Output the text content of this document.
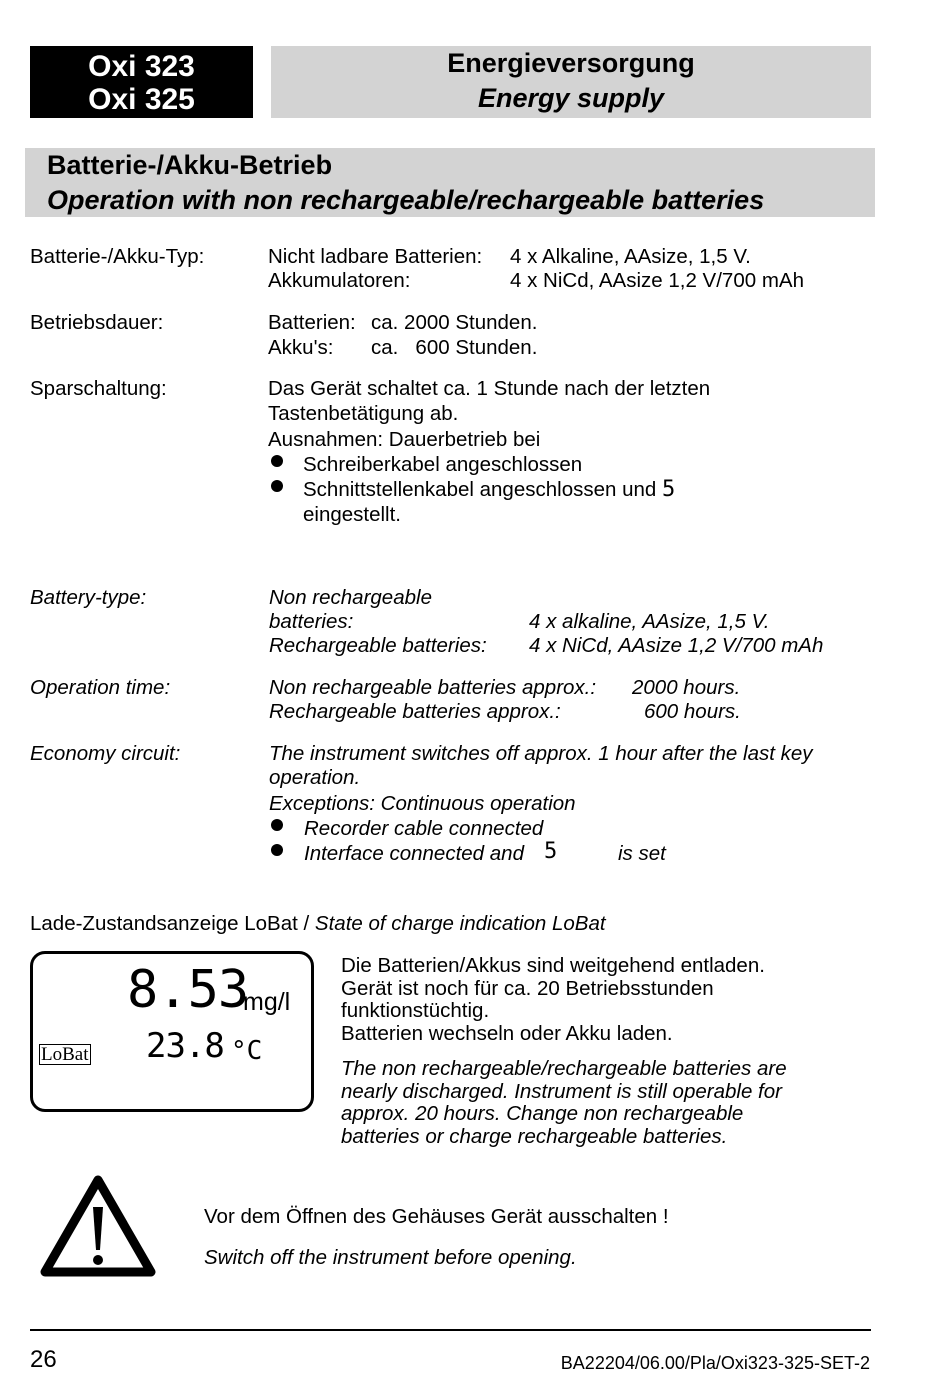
Oxi 323
Oxi 325
Energieversorgung
Energy supply
Batterie-/Akku-Betrieb
Operation with non rechargeable/rechargeable batteries
Batterie-/Akku-Typ:	Nicht ladbare Batterien: 4 x Alkaline, AAsize, 1,5 V.
Akkumulatoren:	4 x NiCd, AAsize 1,2 V/700 mAh
Betriebsdauer:	Batterien: ca. 2000 Stunden.
Akku's: ca.   600 Stunden.
Sparschaltung:	Das Gerät schaltet ca. 1 Stunde nach der letzten
Tastenbetätigung ab.
Ausnahmen: Dauerbetrieb bei
Schreiberkabel angeschlossen
Schnittstellenkabel angeschlossen und 5
eingestellt.
Battery-type:	Non rechargeable
batteries:	4 x alkaline, AAsize, 1,5 V.
Rechargeable batteries: 4 x NiCd, AAsize 1,2 V/700 mAh
Operation time:	Non rechargeable batteries approx.: 2000 hours.
Rechargeable batteries approx.:	600 hours.
Economy circuit:	The instrument switches off approx. 1 hour after the last key
operation.
Exceptions: Continuous operation
Recorder cable connected
Interface connected and 5	is set
Lade-Zustandsanzeige LoBat / State of charge indication LoBat
8.53
mg/l
23.8 °C
LoBat
Die Batterien/Akkus sind weitgehend entladen.
Gerät ist noch für ca. 20 Betriebsstunden
funktionstüchtig.
Batterien wechseln oder Akku laden.
The non rechargeable/rechargeable batteries are
nearly discharged. Instrument is still operable for
approx. 20 hours. Change non rechargeable
batteries or charge rechargeable batteries.
Vor dem Öffnen des Gehäuses Gerät ausschalten !
Switch off the instrument before opening.
26	BA22204/06.00/Pla/Oxi323-325-SET-2
